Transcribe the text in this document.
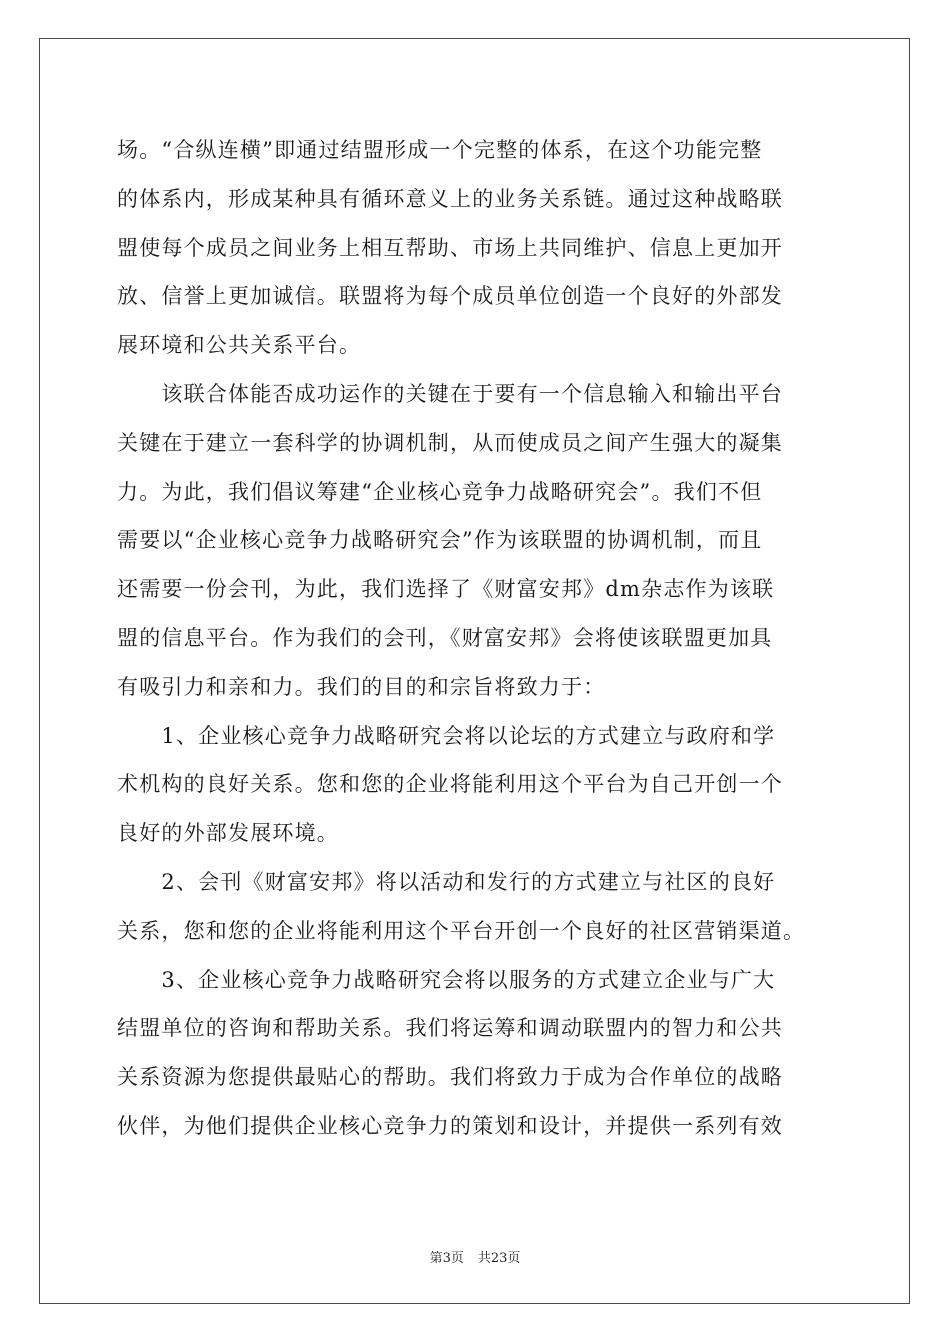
场。“合纵连横”即通过结盟形成一个完整的体系，在这个功能完整
的体系内，形成某种具有循环意义上的业务关系链。通过这种战略联
盟使每个成员之间业务上相互帮助、市场上共同维护、信息上更加开
放、信誉上更加诚信。联盟将为每个成员单位创造一个良好的外部发
展环境和公共关系平台。
　　该联合体能否成功运作的关键在于要有一个信息输入和输出平台
关键在于建立一套科学的协调机制，从而使成员之间产生强大的凝集
力。为此，我们倡议筹建“企业核心竞争力战略研究会”。我们不但
需要以“企业核心竞争力战略研究会”作为该联盟的协调机制，而且
还需要一份会刊，为此，我们选择了《财富安邦》dm杂志作为该联
盟的信息平台。作为我们的会刊，《财富安邦》会将使该联盟更加具
有吸引力和亲和力。我们的目的和宗旨将致力于：
　　1、企业核心竞争力战略研究会将以论坛的方式建立与政府和学
术机构的良好关系。您和您的企业将能利用这个平台为自己开创一个
良好的外部发展环境。
　　2、会刊《财富安邦》将以活动和发行的方式建立与社区的良好
关系，您和您的企业将能利用这个平台开创一个良好的社区营销渠道。
　　3、企业核心竞争力战略研究会将以服务的方式建立企业与广大
结盟单位的咨询和帮助关系。我们将运筹和调动联盟内的智力和公共
关系资源为您提供最贴心的帮助。我们将致力于成为合作单位的战略
伙伴，为他们提供企业核心竞争力的策划和设计，并提供一系列有效
第3页 共23页
